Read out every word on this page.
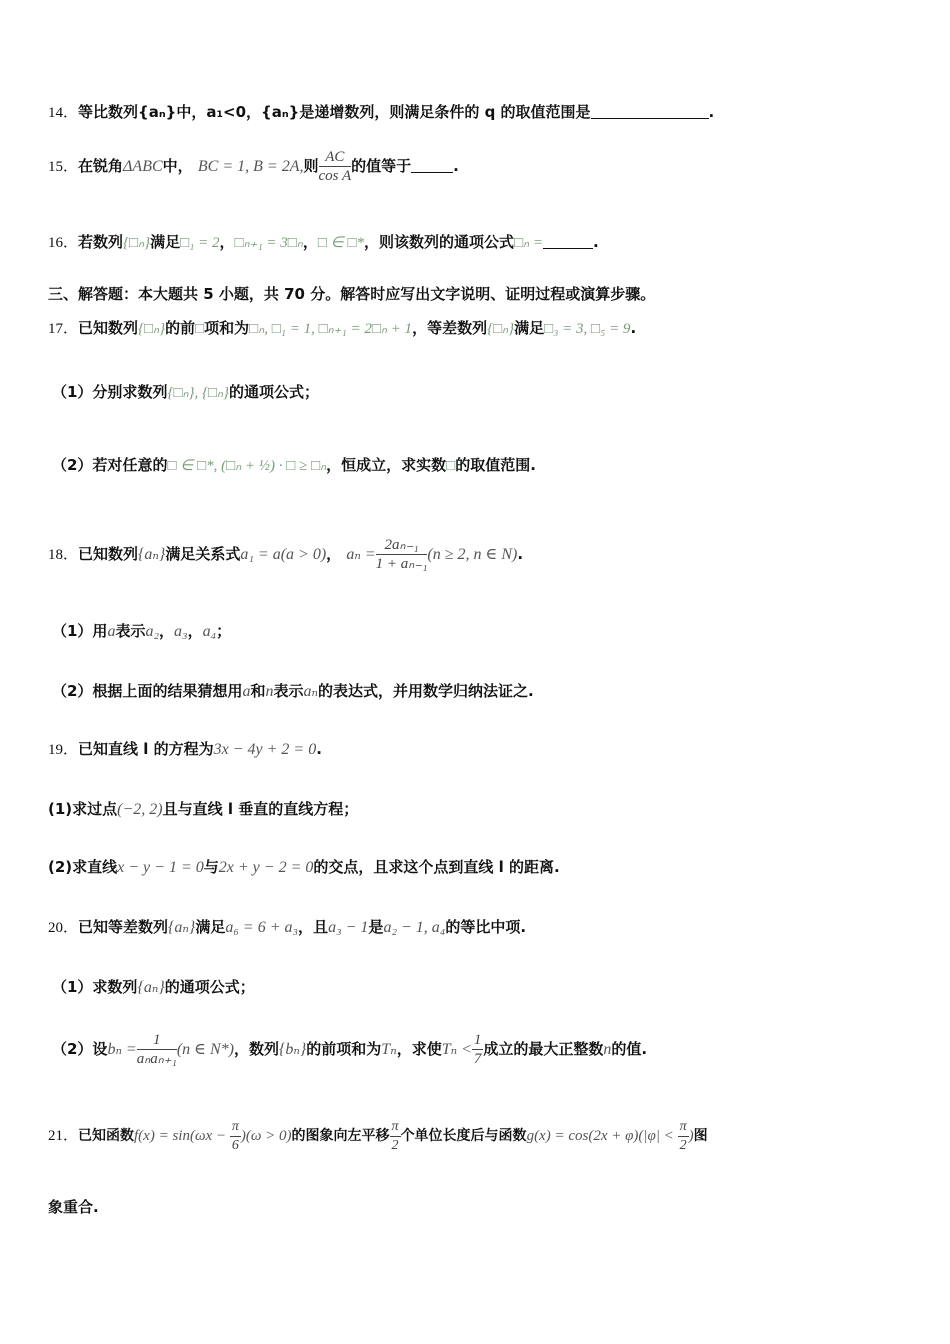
14．等比数列{aₙ}中，a₁<0，{aₙ}是递增数列，则满足条件的 q 的取值范围是	.
15．在锐角ΔABC中， BC = 1, B = 2A,则 $\frac{AC}{\text{cos A}}$ 的值等于	.
16．若数列{□ₙ}满足□₁ = 2，□ₙ₊₁ = 3□ₙ，□ ∈ □*，则该数列的通项公式□ₙ =	.
三、解答题：本大题共 5 小题，共 70 分。解答时应写出文字说明、证明过程或演算步骤。
17．已知数列{□ₙ}的前□项和为□ₙ, □₁ = 1, □ₙ₊₁ = 2□ₙ + 1，等差数列{□ₙ}满足□₃ = 3, □₅ = 9.
（1）分别求数列{□ₙ}, {□ₙ}的通项公式；
（2）若对任意的□ ∈ □*, (□ₙ + ½) · □ ≥ □ₙ，恒成立，求实数□的取值范围.
18．已知数列{aₙ}满足关系式a₁ = a(a > 0)， $a_n = \frac{\text{2aₙ₋₁}}{\text{1 + aₙ₋₁}} (n \ge 2$, n ∈ N).
（1）用a表示a₂，a₃，a₄；
（2）根据上面的结果猜想用a和n表示aₙ的表达式，并用数学归纳法证之.
19．已知直线 l 的方程为3x − 4y + 2 = 0.
(1)求过点(−2, 2)且与直线 l 垂直的直线方程；
(2)求直线x − y − 1 = 0与2x + y − 2 = 0的交点，且求这个点到直线 l 的距离.
20．已知等差数列{aₙ}满足a₆ = 6 + a₃，且a₃ − 1是a₂ − 1, a₄的等比中项.
（1）求数列{aₙ}的通项公式；
（2）设$b_n = \frac{1}{\text{aₙaₙ₊₁}} (n$ ∈ N*)，数列{bₙ}的前项和为Tₙ，求使$T_n < \frac{1}{7}$ 成立的最大正整数n的值.
21．已知函数$f(x) = \sin(\omega x - \frac{\pi}{6} )(\omega > 0)$的图象向左平移 $\frac{\pi}{2}$ 个单位长度后与函数$g(x) = \cos(2x + \varphi)(|\varphi| < \frac{\pi}{2}$ )图
象重合.
